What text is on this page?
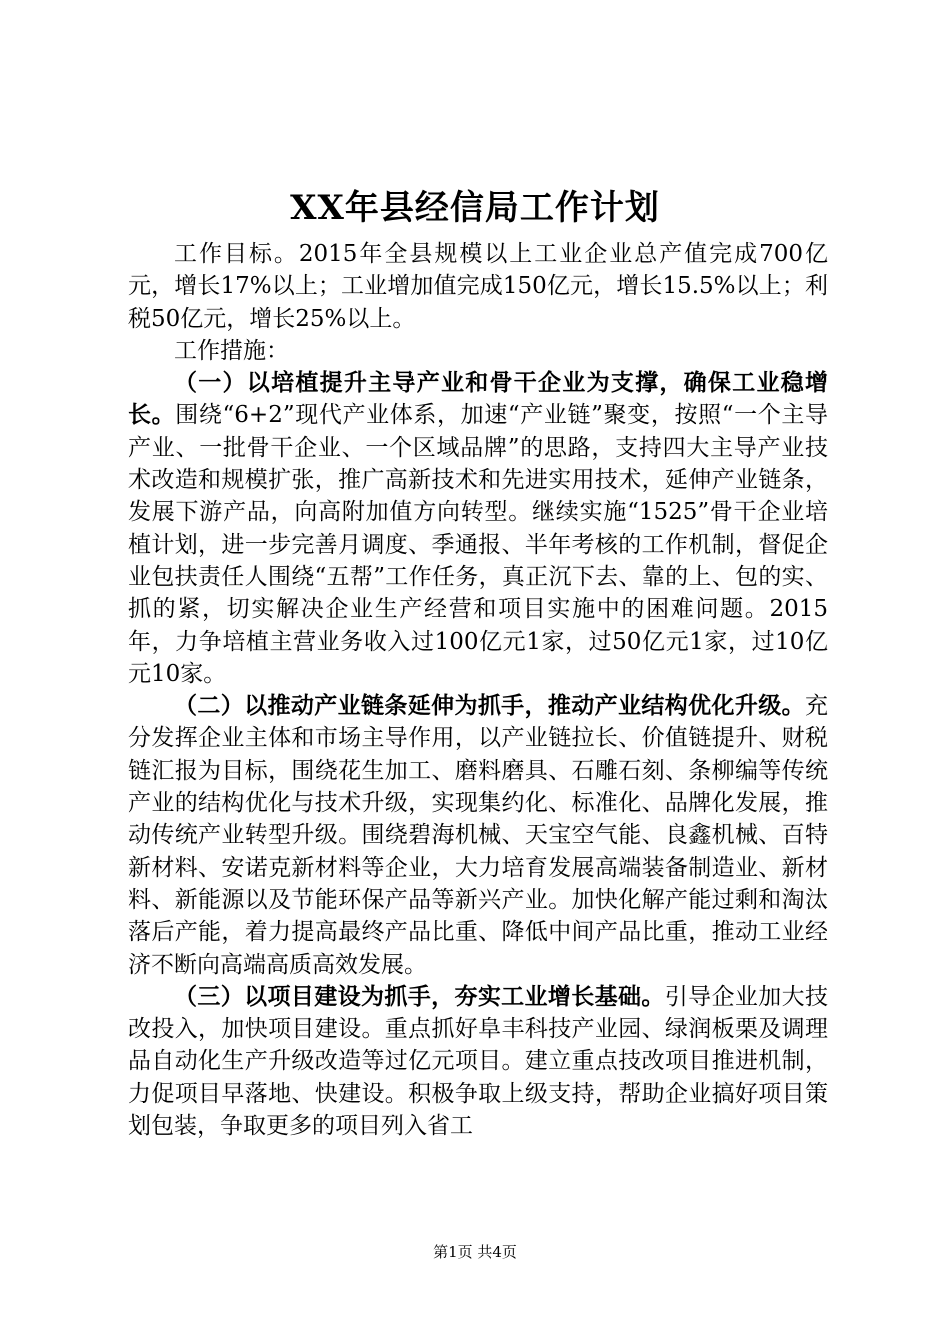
XX年县经信局工作计划

工作目标。2015年全县规模以上工业企业总产值完成700亿元，增长17%以上；工业增加值完成150亿元，增长15.5%以上；利税50亿元，增长25%以上。

工作措施：

（一）以培植提升主导产业和骨干企业为支撑，确保工业稳增长。围绕“6+2”现代产业体系，加速“产业链”聚变，按照“一个主导产业、一批骨干企业、一个区域品牌”的思路，支持四大主导产业技术改造和规模扩张，推广高新技术和先进实用技术，延伸产业链条，发展下游产品，向高附加值方向转型。继续实施“1525”骨干企业培植计划，进一步完善月调度、季通报、半年考核的工作机制，督促企业包扶责任人围绕“五帮”工作任务，真正沉下去、靠的上、包的实、抓的紧，切实解决企业生产经营和项目实施中的困难问题。2015年，力争培植主营业务收入过100亿元1家，过50亿元1家，过10亿元10家。

（二）以推动产业链条延伸为抓手，推动产业结构优化升级。充分发挥企业主体和市场主导作用，以产业链拉长、价值链提升、财税链汇报为目标，围绕花生加工、磨料磨具、石雕石刻、条柳编等传统产业的结构优化与技术升级，实现集约化、标准化、品牌化发展，推动传统产业转型升级。围绕碧海机械、天宝空气能、良鑫机械、百特新材料、安诺克新材料等企业，大力培育发展高端装备制造业、新材料、新能源以及节能环保产品等新兴产业。加快化解产能过剩和淘汰落后产能，着力提高最终产品比重、降低中间产品比重，推动工业经济不断向高端高质高效发展。

（三）以项目建设为抓手，夯实工业增长基础。引导企业加大技改投入，加快项目建设。重点抓好阜丰科技产业园、绿润板栗及调理品自动化生产升级改造等过亿元项目。建立重点技改项目推进机制，力促项目早落地、快建设。积极争取上级支持，帮助企业搞好项目策划包装，争取更多的项目列入省工

第1页 共4页
